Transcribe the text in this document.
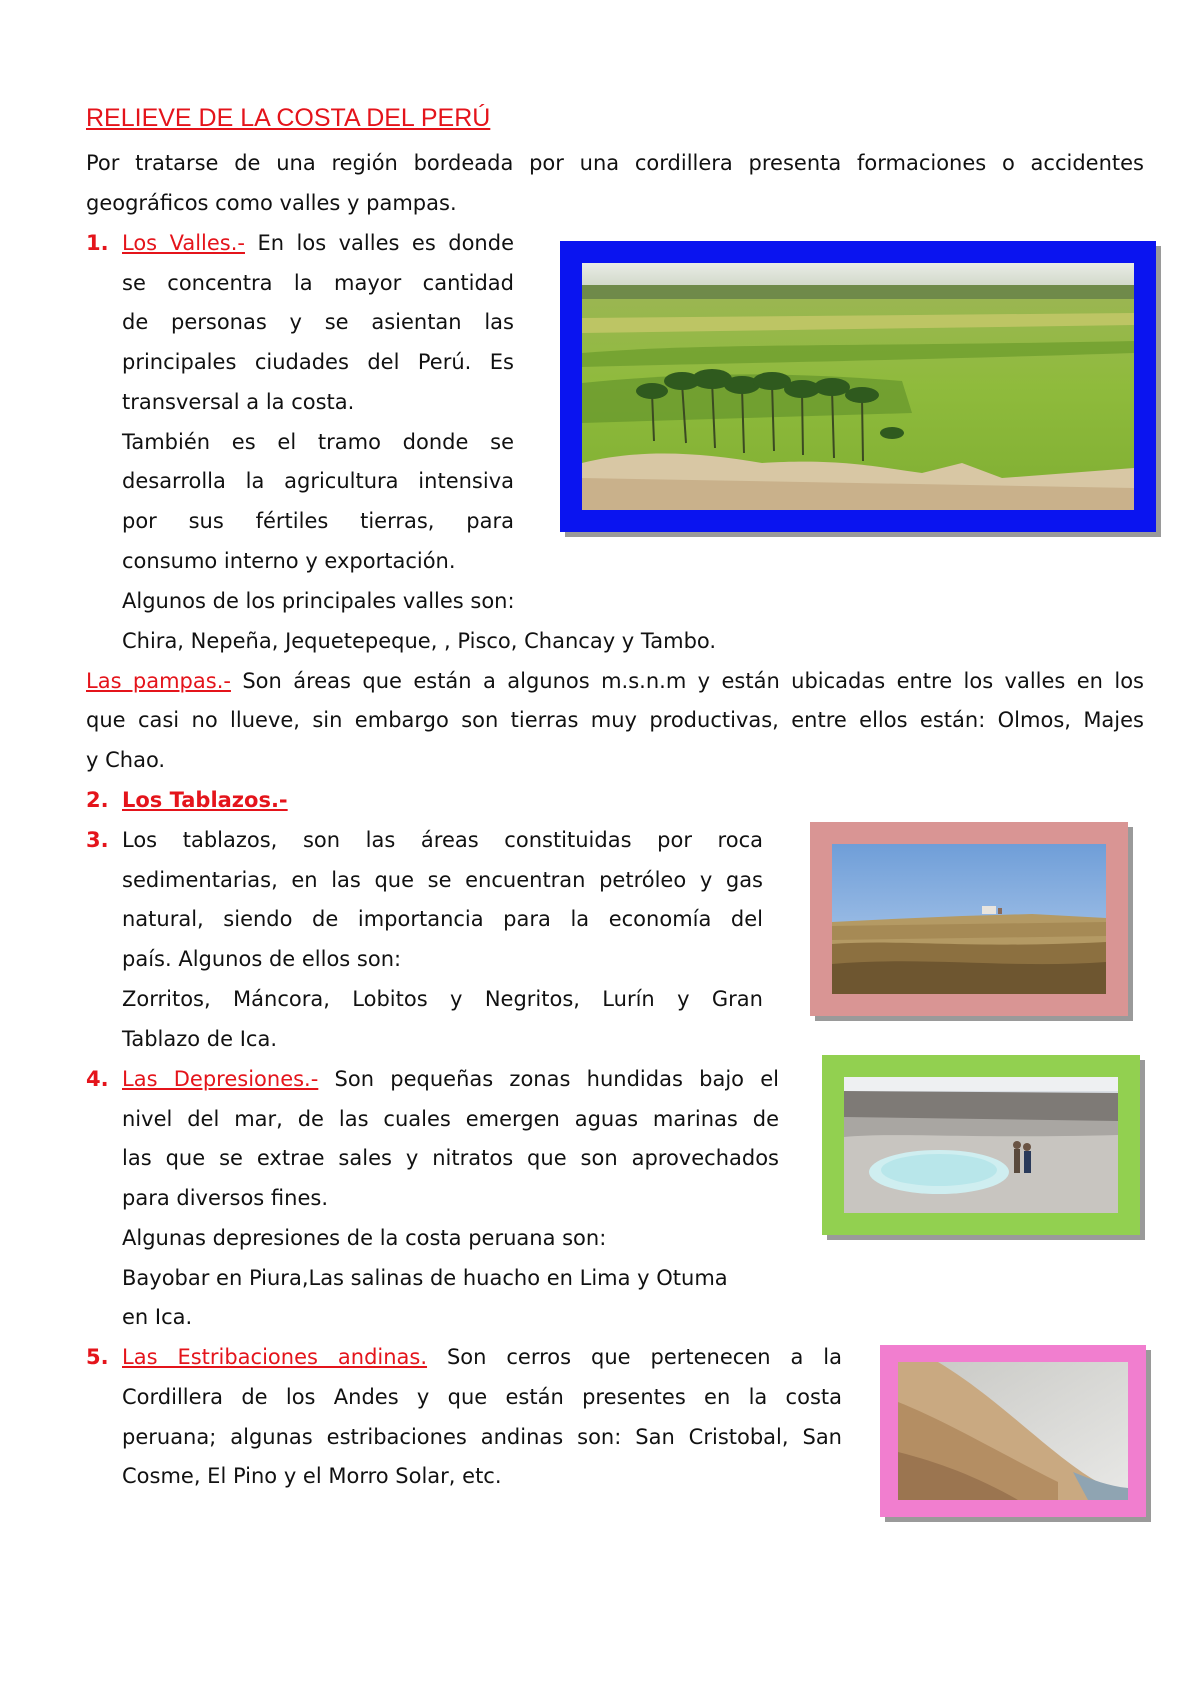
RELIEVE DE LA COSTA DEL PERÚ
Por tratarse de una región bordeada por una cordillera presenta formaciones o accidentes
geográficos como valles y pampas.
1. Los Valles.- En los valles es donde
se concentra la mayor cantidad
de personas y se asientan las
principales ciudades del Perú. Es
transversal a la costa.
También es el tramo donde se
desarrolla la agricultura intensiva
por sus fértiles tierras, para
consumo interno y exportación.
Algunos de los principales valles son:
Chira, Nepeña, Jequetepeque, , Pisco, Chancay y Tambo.
Las pampas.- Son áreas que están a algunos m.s.n.m y están ubicadas entre los valles en los
que casi no llueve, sin embargo son tierras muy productivas, entre ellos están: Olmos, Majes
y Chao.
2. Los Tablazos.-
3. Los tablazos, son las áreas constituidas por roca
sedimentarias, en las que se encuentran petróleo y gas
natural, siendo de importancia para la economía del
país. Algunos de ellos son:
Zorritos, Máncora, Lobitos y Negritos, Lurín y Gran
Tablazo de Ica.
4. Las Depresiones.- Son pequeñas zonas hundidas bajo el
nivel del mar, de las cuales emergen aguas marinas de
las que se extrae sales y nitratos que son aprovechados
para diversos fines.
Algunas depresiones de la costa peruana son:
Bayobar en Piura,Las salinas de huacho en Lima y Otuma
en Ica.
5. Las Estribaciones andinas. Son cerros que pertenecen a la
Cordillera de los Andes y que están presentes en la costa
peruana; algunas estribaciones andinas son: San Cristobal, San
Cosme, El Pino y el Morro Solar, etc.
